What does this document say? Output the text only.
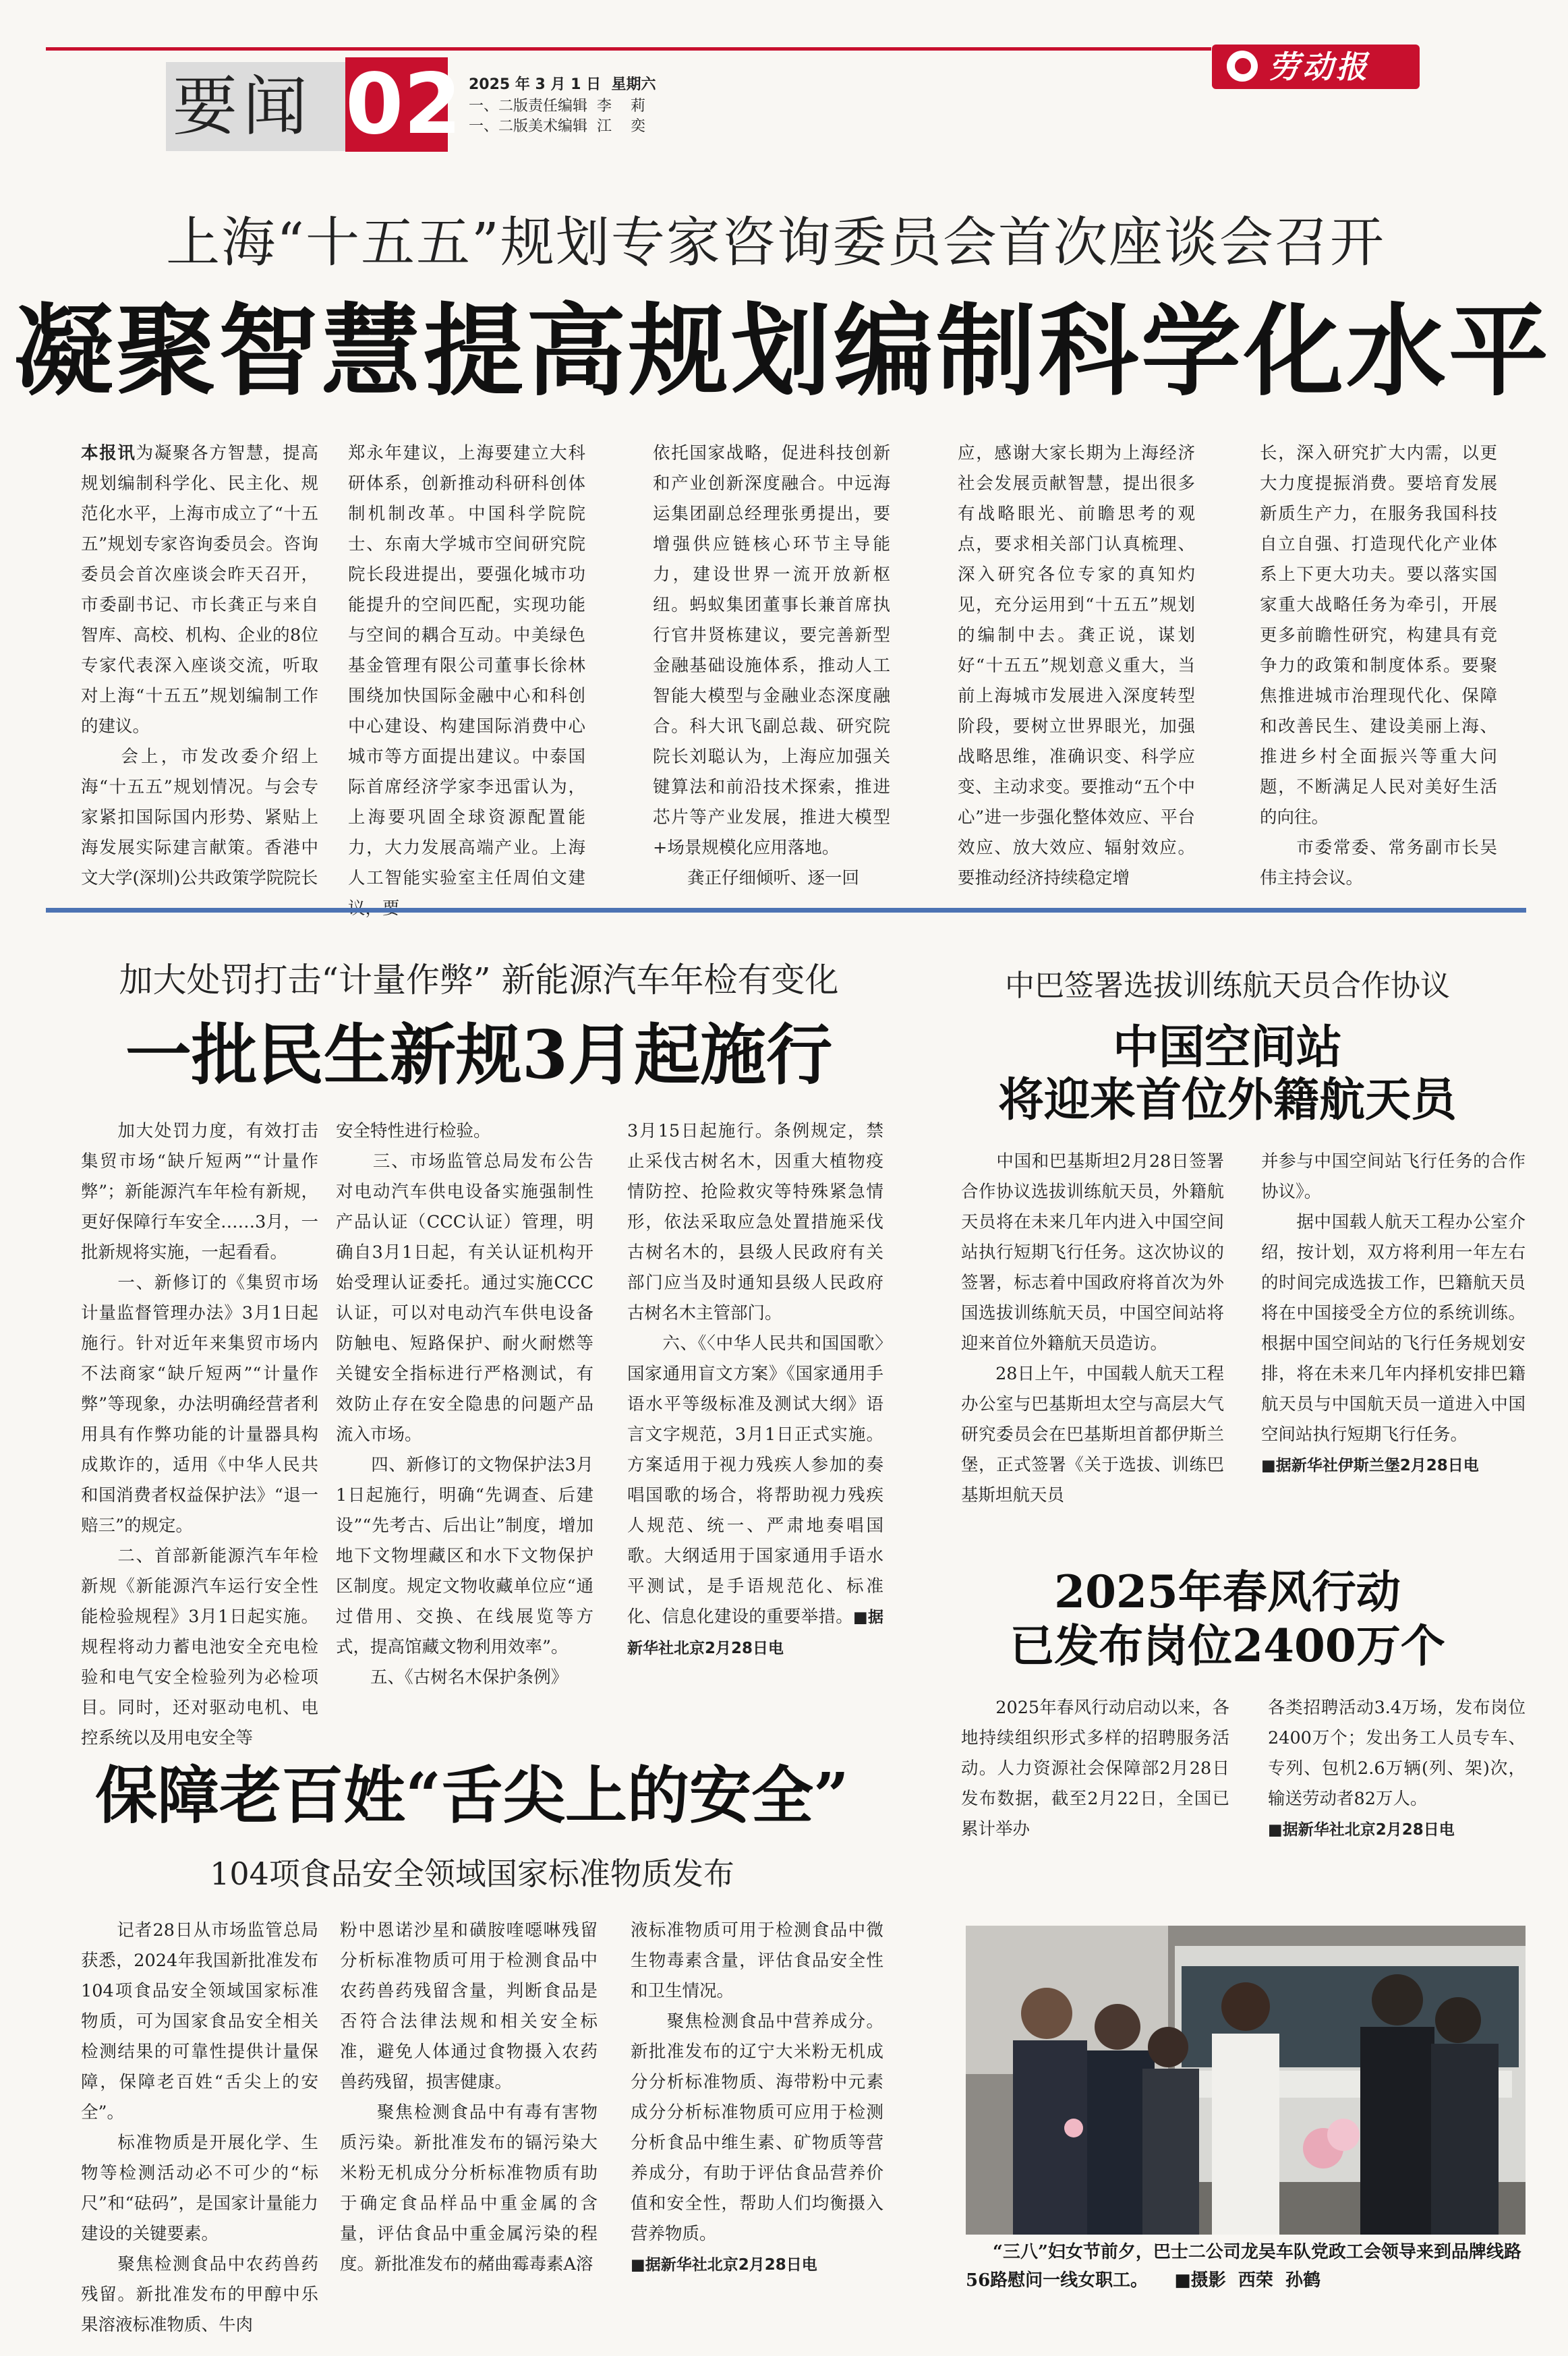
要闻 02 2025 年 3 月 1 日  星期六
一、二版责任编辑  李    莉
一、二版美术编辑  江    奕
劳动报
上海“十五五”规划专家咨询委员会首次座谈会召开
凝聚智慧提高规划编制科学化水平
本报讯为凝聚各方智慧，提高规划编制科学化、民主化、规范化水平，上海市成立了“十五五”规划专家咨询委员会。咨询委员会首次座谈会昨天召开，市委副书记、市长龚正与来自智库、高校、机构、企业的8位专家代表深入座谈交流，听取对上海“十五五”规划编制工作的建议。
　　会上，市发改委介绍上海“十五五”规划情况。与会专家紧扣国际国内形势、紧贴上海发展实际建言献策。香港中文大学(深圳)公共政策学院院长
郑永年建议，上海要建立大科研体系，创新推动科研科创体制机制改革。中国科学院院士、东南大学城市空间研究院院长段进提出，要强化城市功能提升的空间匹配，实现功能与空间的耦合互动。中美绿色基金管理有限公司董事长徐林围绕加快国际金融中心和科创中心建设、构建国际消费中心城市等方面提出建议。中泰国际首席经济学家李迅雷认为，上海要巩固全球资源配置能力，大力发展高端产业。上海人工智能实验室主任周伯文建
依托国家战略，促进科技创新和产业创新深度融合。中远海运集团副总经理张勇提出，要增强供应链核心环节主导能力，建设世界一流开放新枢纽。蚂蚁集团董事长兼首席执行官井贤栋建议，要完善新型金融基础设施体系，推动人工智能大模型与金融业态深度融合。科大讯飞副总裁、研究院院长刘聪认为，上海应加强关键算法和前沿技术探索，推进芯片等产业发展，推进大模型+场景规模化应用落地。
　　龚正仔细倾听、逐一回
应，感谢大家长期为上海经济社会发展贡献智慧，提出很多有战略眼光、前瞻思考的观点，要求相关部门认真梳理、深入研究各位专家的真知灼见，充分运用到“十五五”规划的编制中去。龚正说，谋划好“十五五”规划意义重大，当前上海城市发展进入深度转型阶段，要树立世界眼光，加强战略思维，准确识变、科学应变、主动求变。要推动“五个中心”进一步强化整体效应、平台效应、放大效应、辐射效应。要推动经济持续稳定增
长，深入研究扩大内需，以更大力度提振消费。要培育发展新质生产力，在服务我国科技自立自强、打造现代化产业体系上下更大功夫。要以落实国家重大战略任务为牵引，开展更多前瞻性研究，构建具有竞争力的政策和制度体系。要聚焦推进城市治理现代化、保障和改善民生、建设美丽上海、推进乡村全面振兴等重大问题，不断满足人民对美好生活的向往。
　　市委常委、常务副市长吴伟主持会议。
加大处罚打击“计量作弊” 新能源汽车年检有变化
一批民生新规3月起施行
　　加大处罚力度，有效打击集贸市场“缺斤短两”“计量作弊”；新能源汽车年检有新规，更好保障行车安全……3月，一批新规将实施，一起看看。
　　一、新修订的《集贸市场计量监督管理办法》3月1日起施行。针对近年来集贸市场内不法商家“缺斤短两”“计量作弊”等现象，办法明确经营者利用具有作弊功能的计量器具构成欺诈的，适用《中华人民共和国消费者权益保护法》“退一赔三”的规定。
　　二、首部新能源汽车年检新规《新能源汽车运行安全性能检验规程》3月1日起实施。规程将动力蓄电池安全充电检验和电气安全检验列为必检项目。同时，还对驱动电机、电控系统以及用电安全等
安全特性进行检验。
　　三、市场监管总局发布公告对电动汽车供电设备实施强制性产品认证（CCC认证）管理，明确自3月1日起，有关认证机构开始受理认证委托。通过实施CCC认证，可以对电动汽车供电设备防触电、短路保护、耐火耐燃等关键安全指标进行严格测试，有效防止存在安全隐患的问题产品流入市场。
　　四、新修订的文物保护法3月1日起施行，明确“先调查、后建设”“先考古、后出让”制度，增加地下文物埋藏区和水下文物保护区制度。规定文物收藏单位应“通过借用、交换、在线展览等方式，提高馆藏文物利用效率”。
　　五、《古树名木保护条例》
3月15日起施行。条例规定，禁止采伐古树名木，因重大植物疫情防控、抢险救灾等特殊紧急情形，依法采取应急处置措施采伐古树名木的，县级人民政府有关部门应当及时通知县级人民政府古树名木主管部门。
　　六、《〈中华人民共和国国歌〉国家通用盲文方案》《国家通用手语水平等级标准及测试大纲》语言文字规范，3月1日正式实施。方案适用于视力残疾人参加的奏唱国歌的场合，将帮助视力残疾人规范、统一、严肃地奏唱国歌。大纲适用于国家通用手语水平测试，是手语规范化、标准化、信息化建设的重要举措。■据新华社北京2月28日电
中巴签署选拔训练航天员合作协议
中国空间站
将迎来首位外籍航天员
　　中国和巴基斯坦2月28日签署合作协议选拔训练航天员，外籍航天员将在未来几年内进入中国空间站执行短期飞行任务。这次协议的签署，标志着中国政府将首次为外国选拔训练航天员，中国空间站将迎来首位外籍航天员造访。
　　28日上午，中国载人航天工程办公室与巴基斯坦太空与高层大气研究委员会在巴基斯坦首都伊斯兰堡，正式签署《关于选拔、训练巴基斯坦航天员
并参与中国空间站飞行任务的合作协议》。
　　据中国载人航天工程办公室介绍，按计划，双方将利用一年左右的时间完成选拔工作，巴籍航天员将在中国接受全方位的系统训练。根据中国空间站的飞行任务规划安排，将在未来几年内择机安排巴籍航天员与中国航天员一道进入中国空间站执行短期飞行任务。
■据新华社伊斯兰堡2月28日电
2025年春风行动
已发布岗位2400万个
　　2025年春风行动启动以来，各地持续组织形式多样的招聘服务活动。人力资源社会保障部2月28日发布数据，截至2月22日，全国已累计举办
各类招聘活动3.4万场，发布岗位2400万个；发出务工人员专车、专列、包机2.6万辆(列、架)次，输送劳动者82万人。
■据新华社北京2月28日电
保障老百姓“舌尖上的安全”
104项食品安全领域国家标准物质发布
　　记者28日从市场监管总局获悉，2024年我国新批准发布104项食品安全领域国家标准物质，可为国家食品安全相关检测结果的可靠性提供计量保障，保障老百姓“舌尖上的安全”。
　　标准物质是开展化学、生物等检测活动必不可少的“标尺”和“砝码”，是国家计量能力建设的关键要素。
　　聚焦检测食品中农药兽药残留。新批准发布的甲醇中乐果溶液标准物质、牛肉
粉中恩诺沙星和磺胺喹噁啉残留分析标准物质可用于检测食品中农药兽药残留含量，判断食品是否符合法律法规和相关安全标准，避免人体通过食物摄入农药兽药残留，损害健康。
　　聚焦检测食品中有毒有害物质污染。新批准发布的镉污染大米粉无机成分分析标准物质有助于确定食品样品中重金属的含量，评估食品中重金属污染的程度。新批准发布的赭曲霉毒素A溶
液标准物质可用于检测食品中微生物毒素含量，评估食品安全性和卫生情况。
　　聚焦检测食品中营养成分。新批准发布的辽宁大米粉无机成分分析标准物质、海带粉中元素成分分析标准物质可应用于检测分析食品中维生素、矿物质等营养成分，有助于评估食品营养价值和安全性，帮助人们均衡摄入营养物质。
■据新华社北京2月28日电
“三八”妇女节前夕，巴士二公司龙吴车队党政工会领导来到品牌线路56路慰问一线女职工。　　 ■摄影  西荣  孙鹤
